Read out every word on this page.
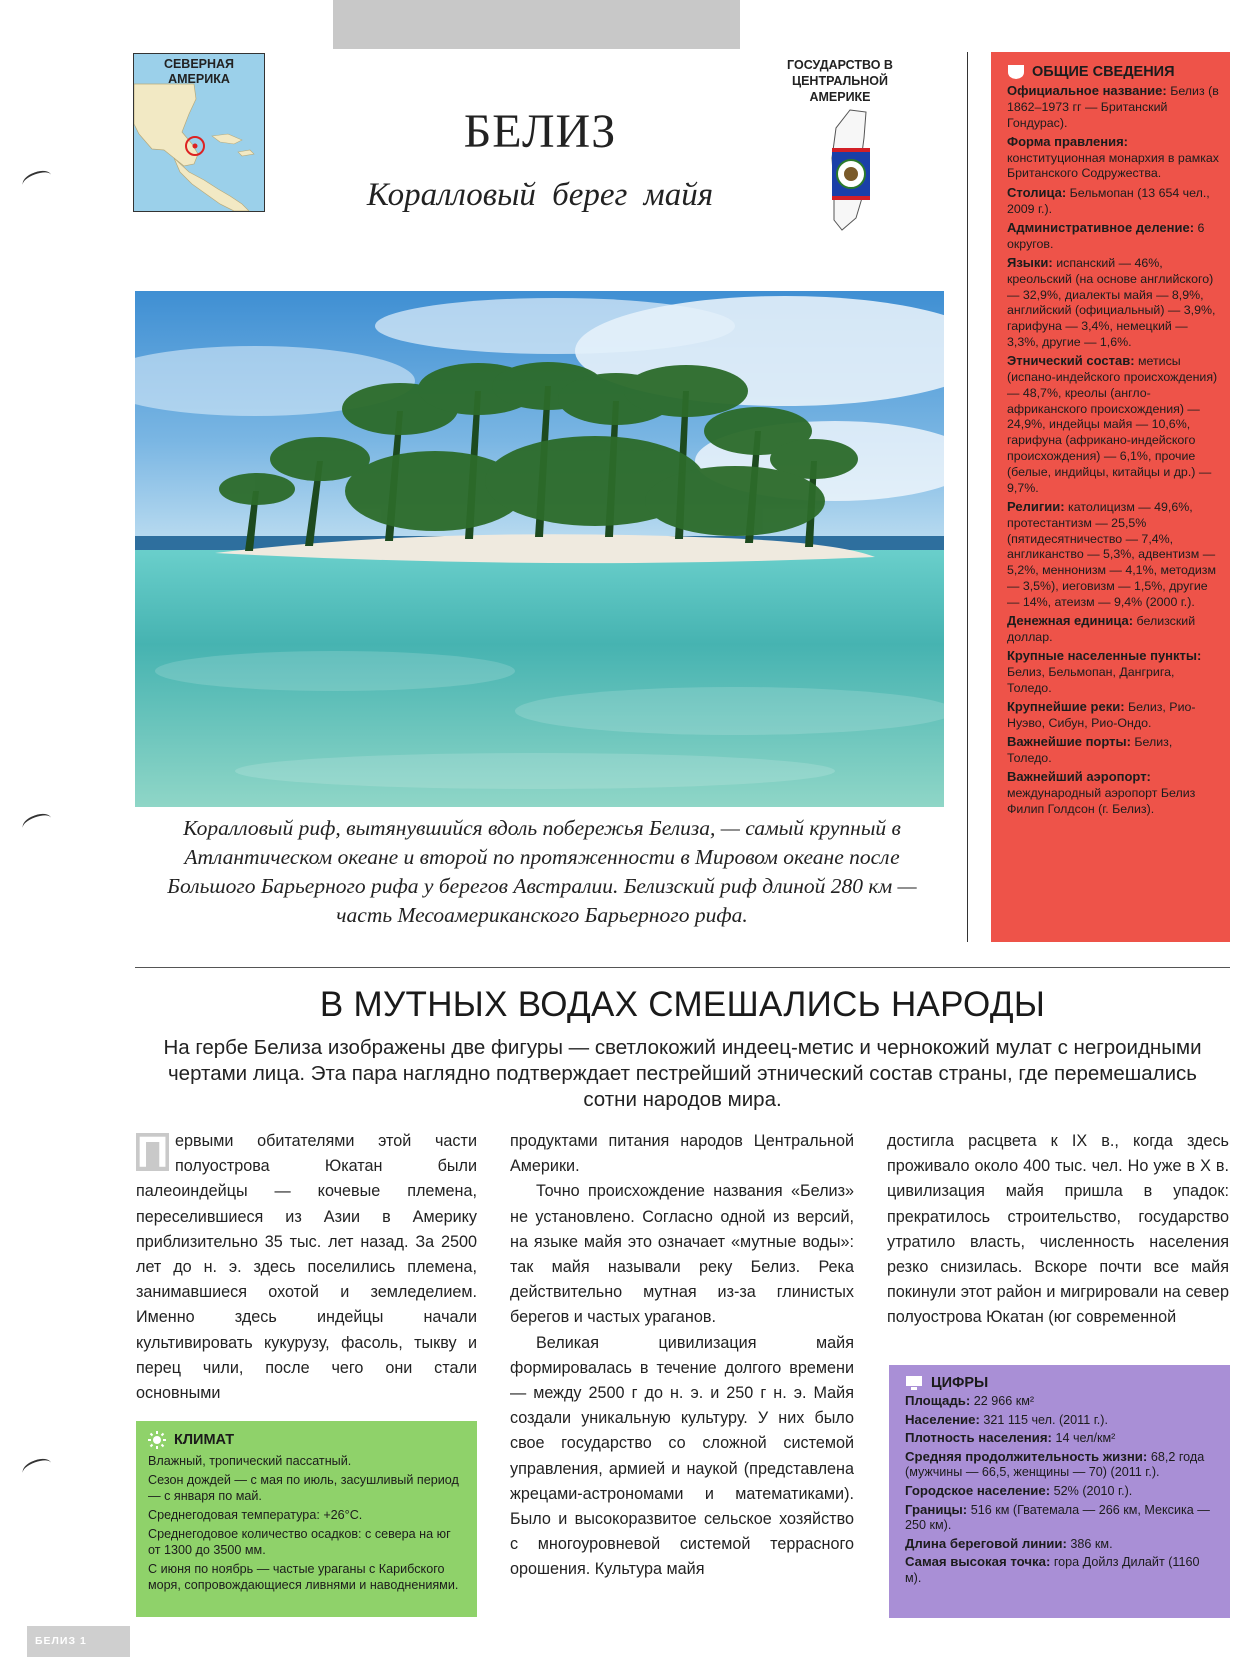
СЕВЕРНАЯ АМЕРИКА
БЕЛИЗ
Коралловый берег майя
ГОСУДАРСТВО В ЦЕНТРАЛЬНОЙ АМЕРИКЕ
Коралловый риф, вытянувшийся вдоль побережья Белиза, — самый крупный в Атлантическом океане и второй по протяженности в Мировом океане после Большого Барьерного рифа у берегов Австралии. Белизский риф длиной 280 км — часть Месоамериканского Барьерного рифа.
ОБЩИЕ СВЕДЕНИЯ
Официальное название: Белиз (в 1862–1973 гг — Британский Гондурас).
Форма правления: конституционная монархия в рамках Британского Содружества.
Столица: Бельмопан (13 654 чел., 2009 г.).
Административное деление: 6 округов.
Языки: испанский — 46%, креольский (на основе английского) — 32,9%, диалекты майя — 8,9%, английский (официальный) — 3,9%, гарифуна — 3,4%, немецкий — 3,3%, другие — 1,6%.
Этнический состав: метисы (испано-индейского происхождения) — 48,7%, креолы (англо-африканского происхождения) — 24,9%, индейцы майя — 10,6%, гарифуна (африкано-индейского происхождения) — 6,1%, прочие (белые, индийцы, китайцы и др.) — 9,7%.
Религии: католицизм — 49,6%, протестантизм — 25,5% (пятидесятничество — 7,4%, англиканство — 5,3%, адвентизм — 5,2%, меннонизм — 4,1%, методизм — 3,5%), иеговизм — 1,5%, другие — 14%, атеизм — 9,4% (2000 г.).
Денежная единица: белизский доллар.
Крупные населенные пункты: Белиз, Бельмопан, Дангрига, Толедо.
Крупнейшие реки: Белиз, Рио-Нуэво, Сибун, Рио-Ондо.
Важнейшие порты: Белиз, Толедо.
Важнейший аэропорт: международный аэропорт Белиз Филип Голдсон (г. Белиз).
В МУТНЫХ ВОДАХ СМЕШАЛИСЬ НАРОДЫ
На гербе Белиза изображены две фигуры — светлокожий индеец-метис и чернокожий мулат с негроидными чертами лица. Эта пара наглядно подтверждает пестрейший этнический состав страны, где перемешались сотни народов мира.
П ервыми обитателями этой части полуострова Юкатан были палеоиндейцы — кочевые племена, переселившиеся из Азии в Америку приблизительно 35 тыс. лет назад. За 2500 лет до н. э. здесь поселились племена, занимавшиеся охотой и земледелием. Именно здесь индейцы начали культивировать кукурузу, фасоль, тыкву и перец чили, после чего они стали основными

продуктами питания народов Центральной Америки.

Точно происхождение названия «Белиз» не установлено. Согласно одной из версий, на языке майя это означает «мутные воды»: так майя называли реку Белиз. Река действительно мутная из-за глинистых берегов и частых ураганов.

Великая цивилизация майя формировалась в течение долгого времени — между 2500 г до н. э. и 250 г н. э. Майя создали уникальную культуру. У них было свое государство со сложной системой управления, армией и наукой (представлена жрецами-астрономами и математиками). Было и высокоразвитое сельское хозяйство с многоуровневой системой террасного орошения. Культура майя

достигла расцвета к IX в., когда здесь проживало около 400 тыс. чел. Но уже в X в. цивилизация майя пришла в упадок: прекратилось строительство, государство утратило власть, численность населения резко снизилась. Вскоре почти все майя покинули этот район и мигрировали на север полуострова Юкатан (юг современной

КЛИМАТ
Влажный, тропический пассатный.
Сезон дождей — с мая по июль, засушливый период — с января по май.
Среднегодовая температура: +26°С.
Среднегодовое количество осадков: с севера на юг от 1300 до 3500 мм.
С июня по ноябрь — частые ураганы с Карибского моря, сопровождающиеся ливнями и наводнениями.
ЦИФРЫ
Площадь: 22 966 км²
Население: 321 115 чел. (2011 г.).
Плотность населения: 14 чел/км²
Средняя продолжительность жизни: 68,2 года (мужчины — 66,5, женщины — 70) (2011 г.).
Городское население: 52% (2010 г.).
Границы: 516 км (Гватемала — 266 км, Мексика — 250 км).
Длина береговой линии: 386 км.
Самая высокая точка: гора Дойлз Дилайт (1160 м).
БЕЛИЗ 1
